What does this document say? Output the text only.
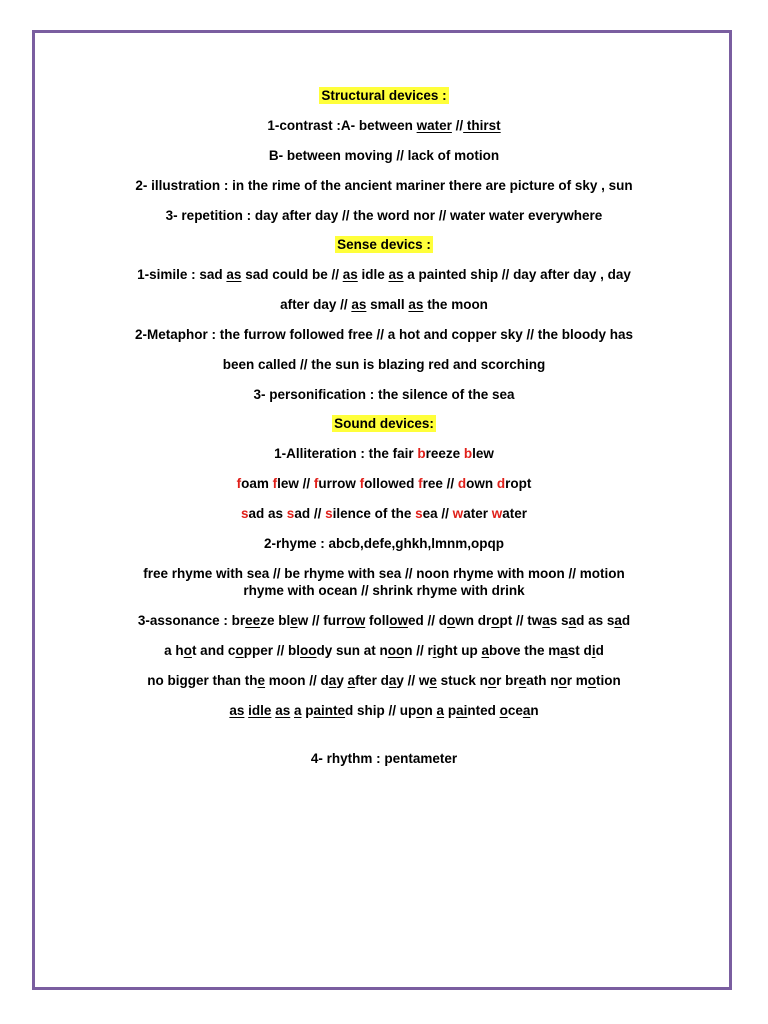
Structural devices :
1-contrast :A- between water // thirst
B- between moving // lack of motion
2- illustration : in the rime of the ancient mariner there are picture of sky , sun
3- repetition : day after day // the word nor // water water everywhere
Sense devics :
1-simile : sad as sad could be // as idle as a painted ship // day after day , day
after day // as small as the moon
2-Metaphor : the furrow followed free // a hot and copper sky // the bloody has
been called // the sun is blazing red and scorching
3- personification : the silence of the sea
Sound devices:
1-Alliteration : the fair breeze blew
foam flew // furrow followed free // down dropt
sad as sad // silence of the sea // water water
2-rhyme : abcb,defe,ghkh,lmnm,opqp
free rhyme with sea // be rhyme with sea // noon rhyme with moon // motion
rhyme with ocean // shrink rhyme with drink
3-assonance : breeze blew // furrow followed // down dropt // twas sad as sad
a hot and copper // bloody sun at noon // right up above the mast did
no bigger than the moon // day after day // we stuck nor breath nor motion
as idle as a painted ship // upon a painted ocean
4- rhythm : pentameter
